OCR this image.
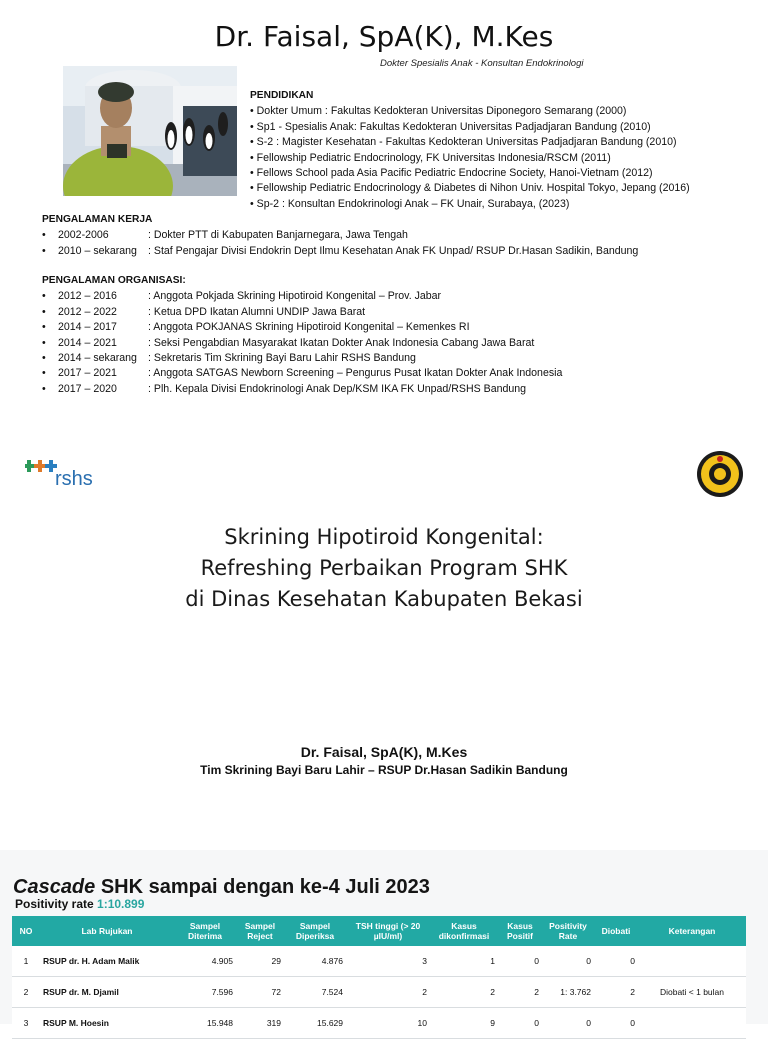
Dr. Faisal, SpA(K), M.Kes
Dokter Spesialis Anak - Konsultan Endokrinologi
PENDIDIKAN
• Dokter Umum : Fakultas Kedokteran Universitas Diponegoro Semarang (2000)
• Sp1 - Spesialis Anak: Fakultas Kedokteran Universitas Padjadjaran Bandung (2010)
• S-2 : Magister Kesehatan - Fakultas Kedokteran Universitas Padjadjaran Bandung (2010)
• Fellowship Pediatric Endocrinology, FK Universitas Indonesia/RSCM (2011)
• Fellows School pada Asia Pacific Pediatric Endocrine Society, Hanoi-Vietnam (2012)
• Fellowship Pediatric Endocrinology & Diabetes di Nihon Univ. Hospital Tokyo, Jepang (2016)
• Sp-2 : Konsultan Endokrinologi Anak – FK Unair, Surabaya, (2023)
PENGALAMAN KERJA
•	2002-2006	: Dokter PTT di Kabupaten Banjarnegara, Jawa Tengah
•	2010 – sekarang	: Staf Pengajar Divisi Endokrin Dept Ilmu Kesehatan Anak FK Unpad/ RSUP Dr.Hasan Sadikin, Bandung
PENGALAMAN ORGANISASI:
•	2012 – 2016	: Anggota Pokjada Skrining Hipotiroid Kongenital – Prov. Jabar
•	2012 – 2022	: Ketua DPD Ikatan Alumni UNDIP Jawa Barat
•	2014 – 2017	: Anggota POKJANAS Skrining Hipotiroid Kongenital – Kemenkes RI
•	2014 – 2021	: Seksi Pengabdian Masyarakat Ikatan Dokter Anak Indonesia Cabang Jawa Barat
•	2014 – sekarang	: Sekretaris Tim Skrining Bayi Baru Lahir RSHS Bandung
•	2017 – 2021	: Anggota SATGAS Newborn Screening – Pengurus Pusat Ikatan Dokter Anak Indonesia
•	2017 – 2020	: Plh. Kepala Divisi Endokrinologi Anak Dep/KSM IKA FK Unpad/RSHS Bandung
rshs
Skrining Hipotiroid Kongenital:
Refreshing Perbaikan Program SHK
di Dinas Kesehatan Kabupaten Bekasi
Dr. Faisal, SpA(K), M.Kes
Tim Skrining Bayi Baru Lahir – RSUP Dr.Hasan Sadikin Bandung
Cascade SHK sampai dengan ke-4 Juli 2023
Positivity rate 1:10.899
NO	Lab Rujukan	Sampel Diterima	Sampel Reject	Sampel Diperiksa	TSH tinggi (> 20 µIU/ml)	Kasus dikonfirmasi	Kasus Positif	Positivity Rate	Diobati	Keterangan
1	RSUP dr. H. Adam Malik	4.905	29	4.876	3	1	0	0	0	
2	RSUP dr. M. Djamil	7.596	72	7.524	2	2	2	1: 3.762	2	Diobati < 1 bulan
3	RSUP M. Hoesin	15.948	319	15.629	10	9	0	0	0	
